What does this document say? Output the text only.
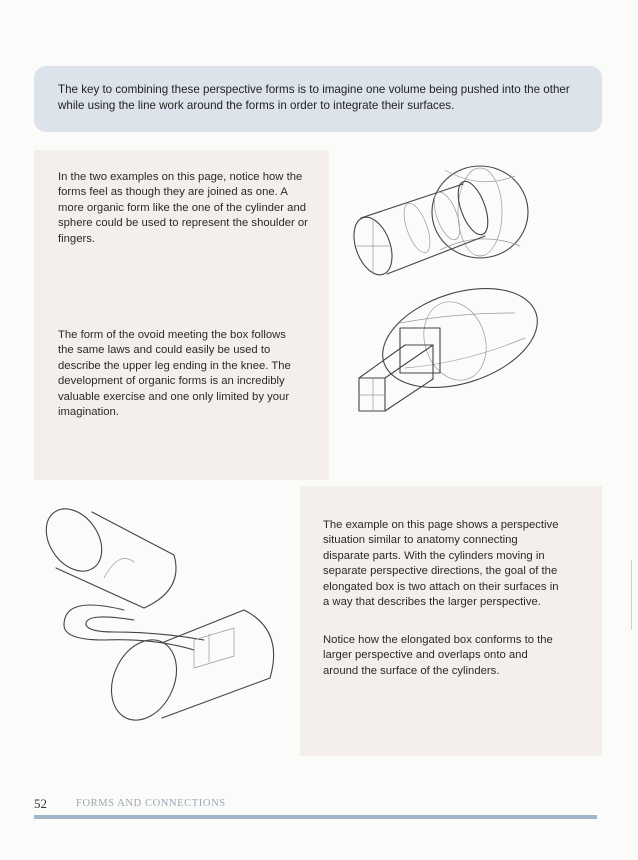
The key to combining these perspective forms is to imagine one volume being pushed into the other while using the line work around the forms in order to integrate their surfaces.

In the two examples on this page, notice how the forms feel as though they are joined as one. A more organic form like the one of the cylinder and sphere could be used to represent the shoulder or fingers.

The form of the ovoid meeting the box follows the same laws and could easily be used to describe the upper leg ending in the knee. The development of organic forms is an incredibly valuable exercise and one only limited by your imagination.

The example on this page shows a perspective situation similar to anatomy connecting disparate parts. With the cylinders moving in separate perspective directions, the goal of the elongated box is two attach on their surfaces in a way that describes the larger perspective.

Notice how the elongated box conforms to the larger perspective and overlaps onto and around the surface of the cylinders.

52	FORMS AND CONNECTIONS
